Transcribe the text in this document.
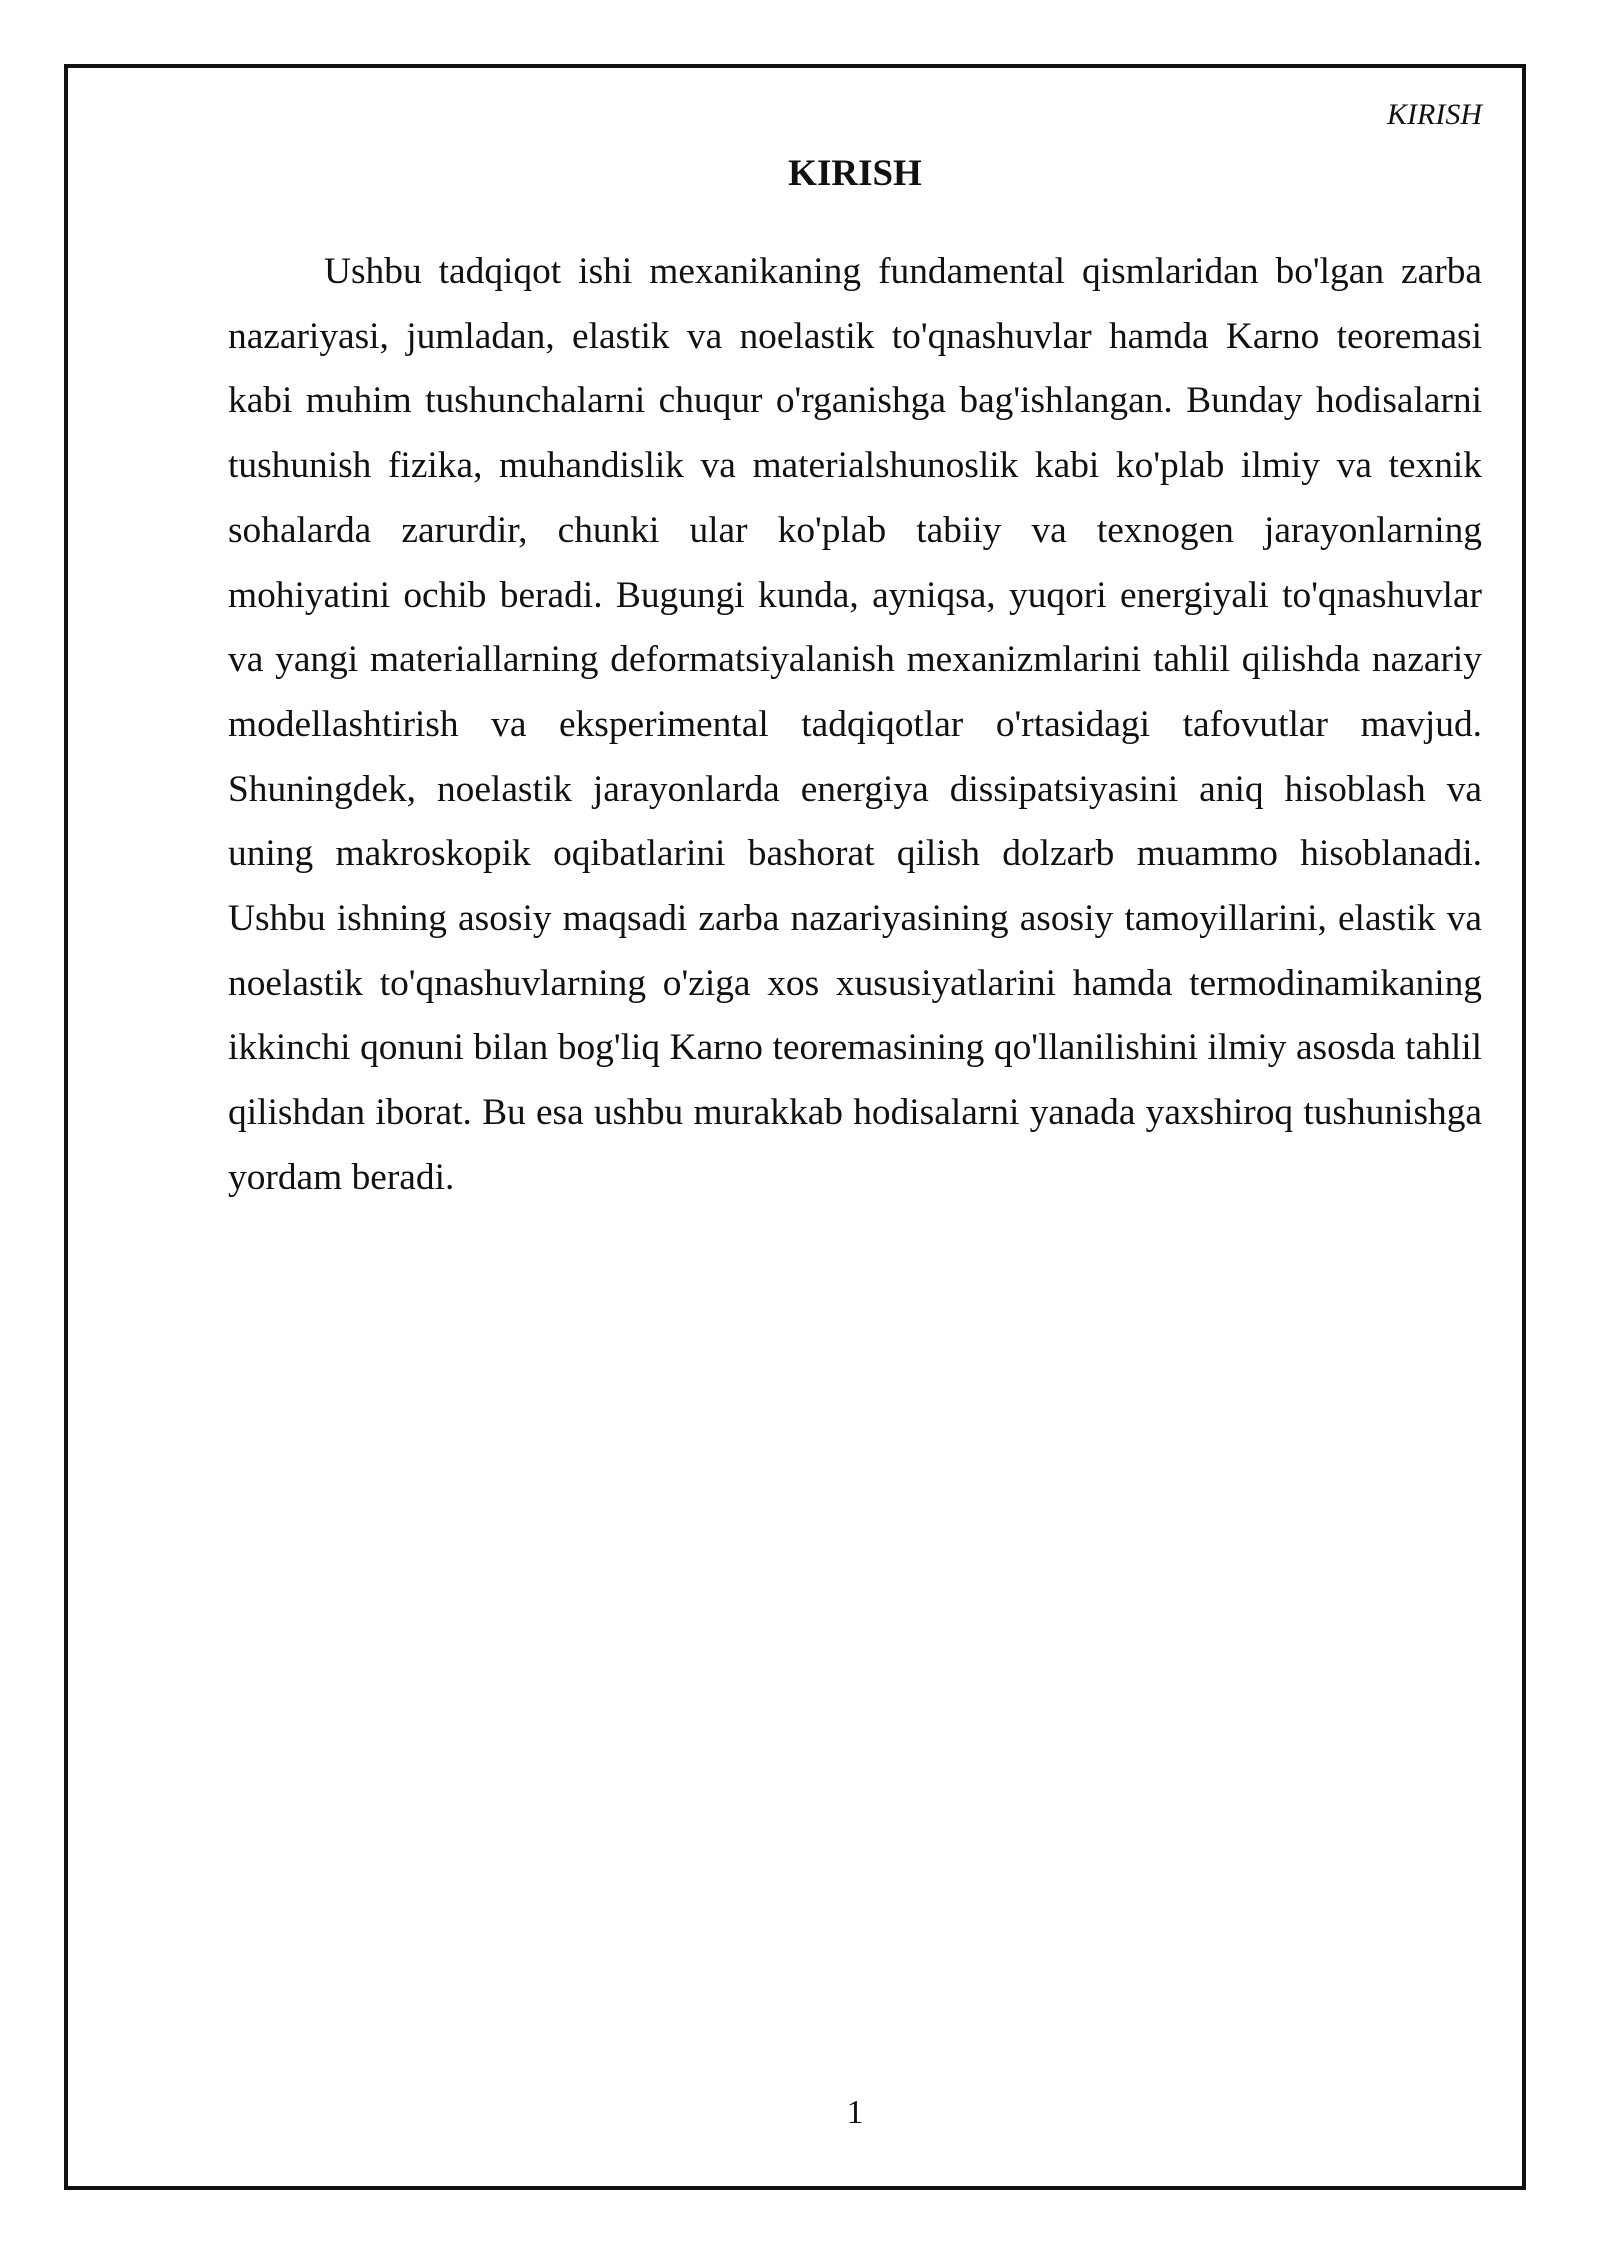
KIRISH
KIRISH

Ushbu tadqiqot ishi mexanikaning fundamental qismlaridan bo'lgan zarba nazariyasi, jumladan, elastik va noelastik to'qnashuvlar hamda Karno teoremasi kabi muhim tushunchalarni chuqur o'rganishga bag'ishlangan. Bunday hodisalarni tushunish fizika, muhandislik va materialshunoslik kabi ko'plab ilmiy va texnik sohalarda zarurdir, chunki ular ko'plab tabiiy va texnogen jarayonlarning mohiyatini ochib beradi. Bugungi kunda, ayniqsa, yuqori energiyali to'qnashuvlar va yangi materiallarning deformatsiyalanish mexanizmlarini tahlil qilishda nazariy modellashtirish va eksperimental tadqiqotlar o'rtasidagi tafovutlar mavjud. Shuningdek, noelastik jarayonlarda energiya dissipatsiyasini aniq hisoblash va uning makroskopik oqibatlarini bashorat qilish dolzarb muammo hisoblanadi. Ushbu ishning asosiy maqsadi zarba nazariyasining asosiy tamoyillarini, elastik va noelastik to'qnashuvlarning o'ziga xos xususiyatlarini hamda termodinamikaning ikkinchi qonuni bilan bog'liq Karno teoremasining qo'llanilishini ilmiy asosda tahlil qilishdan iborat. Bu esa ushbu murakkab hodisalarni yanada yaxshiroq tushunishga yordam beradi.

1
